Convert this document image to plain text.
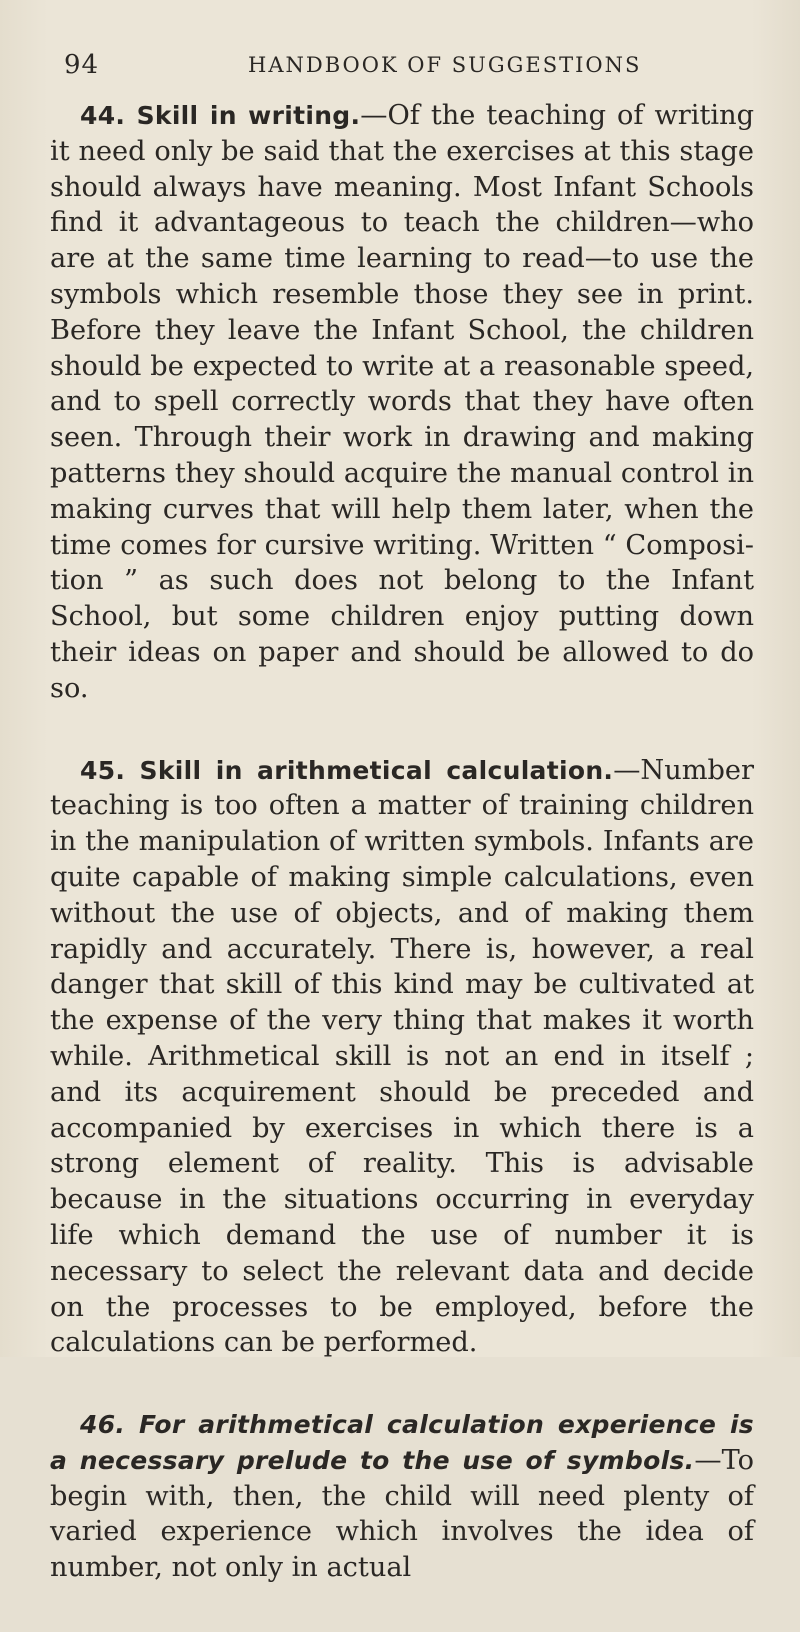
94	HANDBOOK OF SUGGESTIONS

44. Skill in writing.—Of the teaching of writing it need only be said that the exercises at this stage should always have meaning. Most Infant Schools find it advantageous to teach the children—who are at the same time learning to read—to use the symbols which resemble those they see in print. Before they leave the Infant School, the children should be expected to write at a reasonable speed, and to spell correctly words that they have often seen. Through their work in drawing and making patterns they should acquire the manual control in making curves that will help them later, when the time comes for cursive writing. Written “ Composi-tion ” as such does not belong to the Infant School, but some children enjoy putting down their ideas on paper and should be allowed to do so.

45. Skill in arithmetical calculation.—Number teaching is too often a matter of training children in the manipulation of written symbols. Infants are quite capable of making simple calculations, even without the use of objects, and of making them rapidly and accurately. There is, however, a real danger that skill of this kind may be cultivated at the expense of the very thing that makes it worth while. Arithmetical skill is not an end in itself ; and its acquirement should be preceded and accompanied by exercises in which there is a strong element of reality. This is advisable because in the situations occurring in everyday life which demand the use of number it is necessary to select the relevant data and decide on the processes to be employed, before the calculations can be performed.

46. For arithmetical calculation experience is a necessary prelude to the use of symbols.—To begin with, then, the child will need plenty of varied experience which involves the idea of number, not only in actual
